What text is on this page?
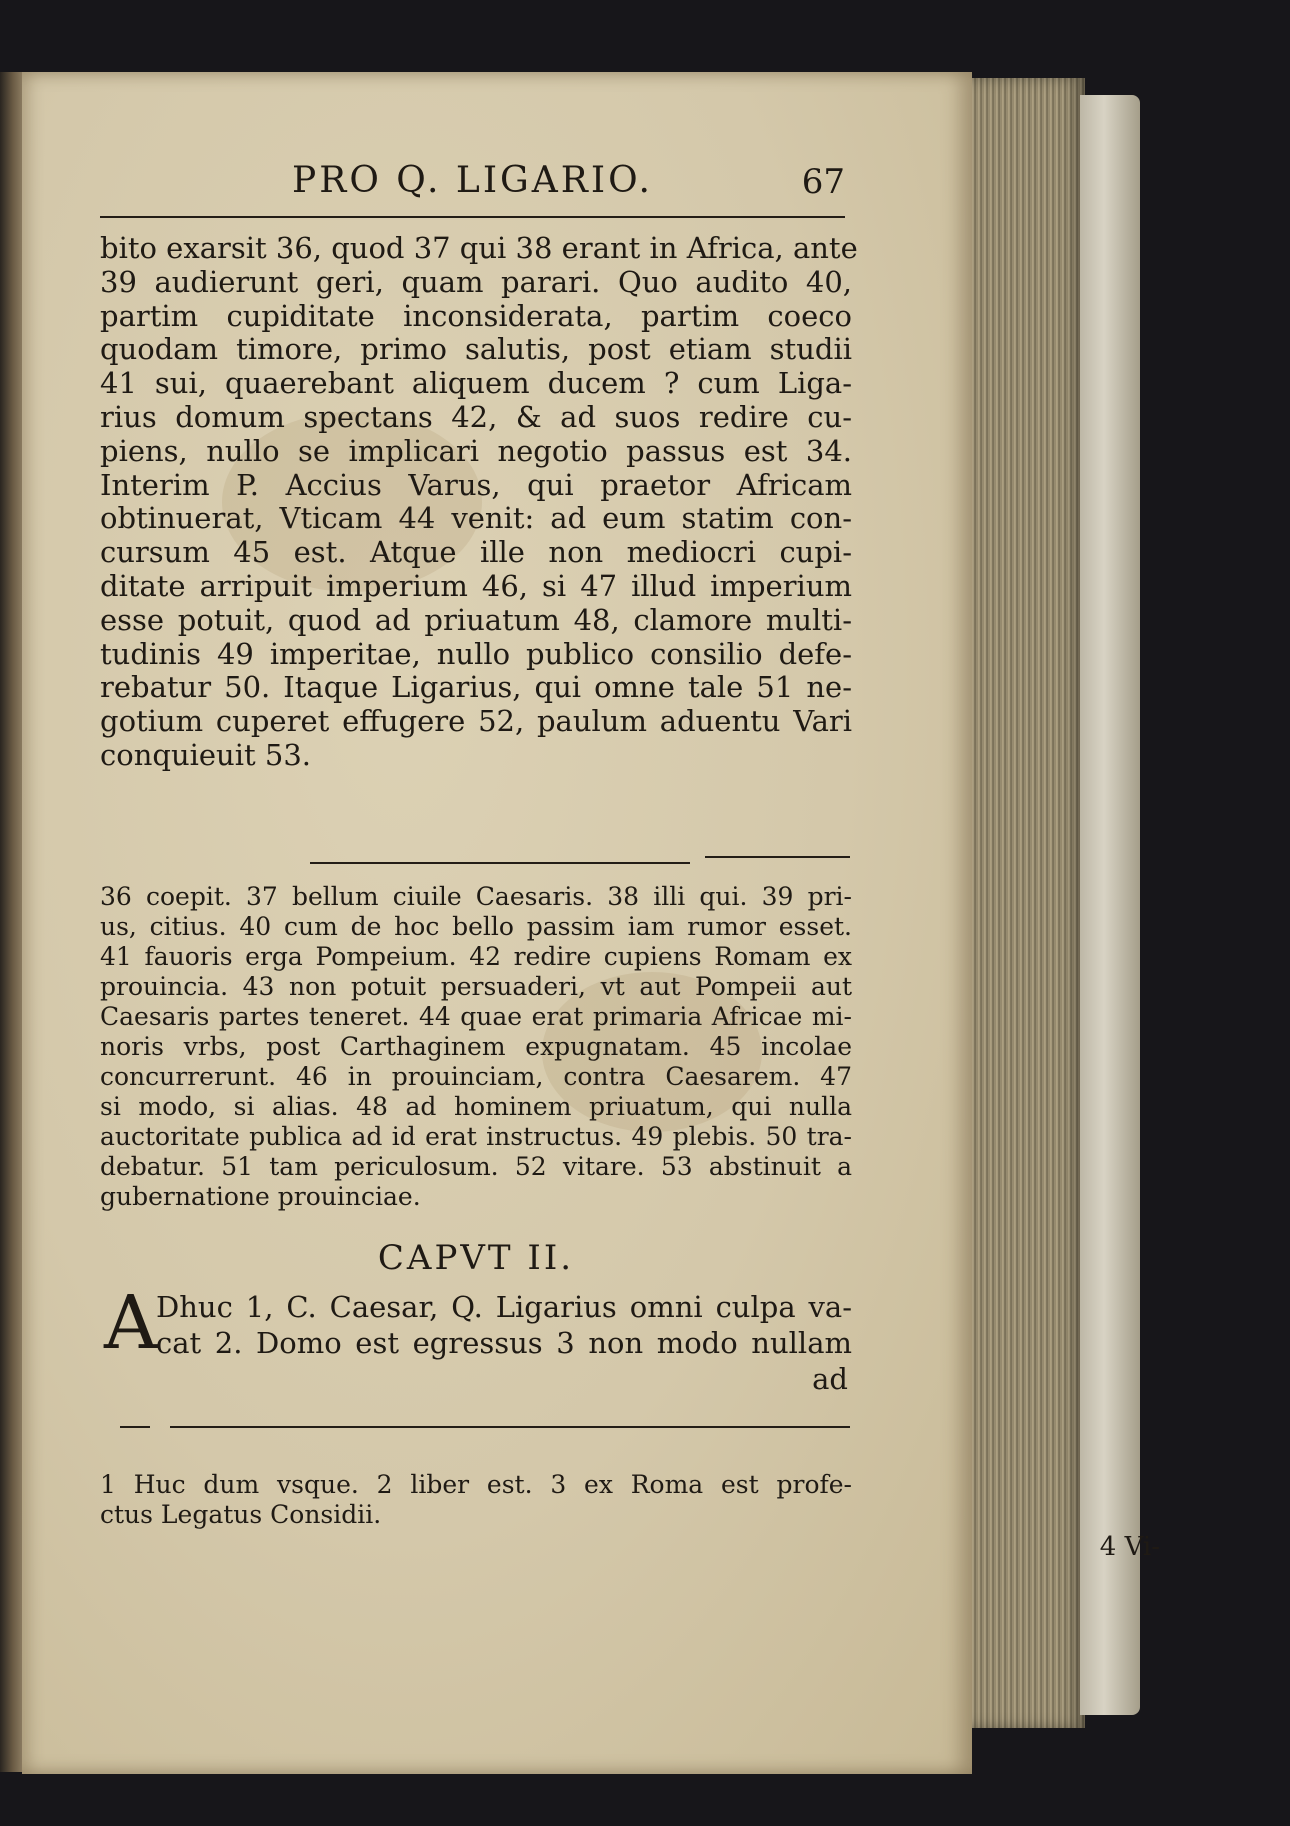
PRO Q. LIGARIO.	67
bito exarsit 36, quod 37 qui 38 erant in Africa, ante
39 audierunt geri, quam parari. Quo audito 40,
partim cupiditate inconsiderata, partim coeco
quodam timore, primo salutis, post etiam studii
41 sui, quaerebant aliquem ducem ? cum Liga-
rius domum spectans 42, & ad suos redire cu-
piens, nullo se implicari negotio passus est 34.
Interim P. Accius Varus, qui praetor Africam
obtinuerat, Vticam 44 venit: ad eum statim con-
cursum 45 est. Atque ille non mediocri cupi-
ditate arripuit imperium 46, si 47 illud imperium
esse potuit, quod ad priuatum 48, clamore multi-
tudinis 49 imperitae, nullo publico consilio defe-
rebatur 50. Itaque Ligarius, qui omne tale 51 ne-
gotium cuperet effugere 52, paulum aduentu Vari
conquieuit 53.
36 coepit. 37 bellum ciuile Caesaris. 38 illi qui. 39 pri-
us, citius. 40 cum de hoc bello passim iam rumor esset.
41 fauoris erga Pompeium. 42 redire cupiens Romam ex
prouincia. 43 non potuit persuaderi, vt aut Pompeii aut
Caesaris partes teneret. 44 quae erat primaria Africae mi-
noris vrbs, post Carthaginem expugnatam. 45 incolae
concurrerunt. 46 in prouinciam, contra Caesarem. 47
si modo, si alias. 48 ad hominem priuatum, qui nulla
auctoritate publica ad id erat instructus. 49 plebis. 50 tra-
debatur. 51 tam periculosum. 52 vitare. 53 abstinuit a
gubernatione prouinciae.
CAPVT II.
A
Dhuc 1, C. Caesar, Q. Ligarius omni culpa va-
cat 2. Domo est egressus 3 non modo nullam
ad
1 Huc dum vsque. 2 liber est. 3 ex Roma est profe-
ctus Legatus Considii.
4 Vi-
